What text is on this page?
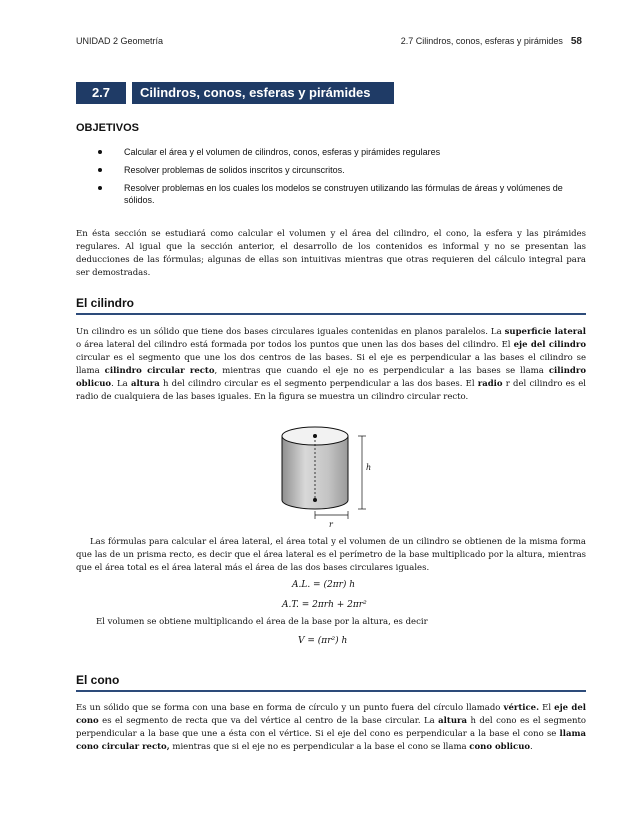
UNIDAD 2 Geometría	2.7 Cilindros, conos, esferas y pirámides 58
2.7	Cilindros, conos, esferas y pirámides
OBJETIVOS
Calcular el área y el volumen de cilindros, conos, esferas y pirámides regulares
Resolver problemas de solidos inscritos y circunscritos.
Resolver problemas en los cuales los modelos se construyen utilizando las fórmulas de áreas y volúmenes de sólidos.
En ésta sección se estudiará como calcular el volumen y el área del cilindro, el cono, la esfera y las pirámides regulares. Al igual que la sección anterior, el desarrollo de los contenidos es informal y no se presentan las deducciones de las fórmulas; algunas de ellas son intuitivas mientras que otras requieren del cálculo integral para ser demostradas.
El cilindro
Un cilindro es un sólido que tiene dos bases circulares iguales contenidas en planos paralelos. La superficie lateral o área lateral del cilindro está formada por todos los puntos que unen las dos bases del cilindro. El eje del cilindro circular es el segmento que une los dos centros de las bases. Si el eje es perpendicular a las bases el cilindro se llama cilindro circular recto, mientras que cuando el eje no es perpendicular a las bases se llama cilindro oblicuo. La altura h del cilindro circular es el segmento perpendicular a las dos bases. El radio r del cilindro es el radio de cualquiera de las bases iguales. En la figura se muestra un cilindro circular recto.
h
r
Las fórmulas para calcular el área lateral, el área total y el volumen de un cilindro se obtienen de la misma forma que las de un prisma recto, es decir que el área lateral es el perímetro de la base multiplicado por la altura, mientras que el área total es el área lateral más el área de las dos bases circulares iguales.
A.L. = (2πr) h
A.T. = 2πrh + 2πr²
El volumen se obtiene multiplicando el área de la base por la altura, es decir
V = (πr²) h
El cono
Es un sólido que se forma con una base en forma de círculo y un punto fuera del círculo llamado vértice. El eje del cono es el segmento de recta que va del vértice al centro de la base circular. La altura h del cono es el segmento perpendicular a la base que une a ésta con el vértice. Si el eje del cono es perpendicular a la base el cono se llama cono circular recto, mientras que si el eje no es perpendicular a la base el cono se llama cono oblicuo.
